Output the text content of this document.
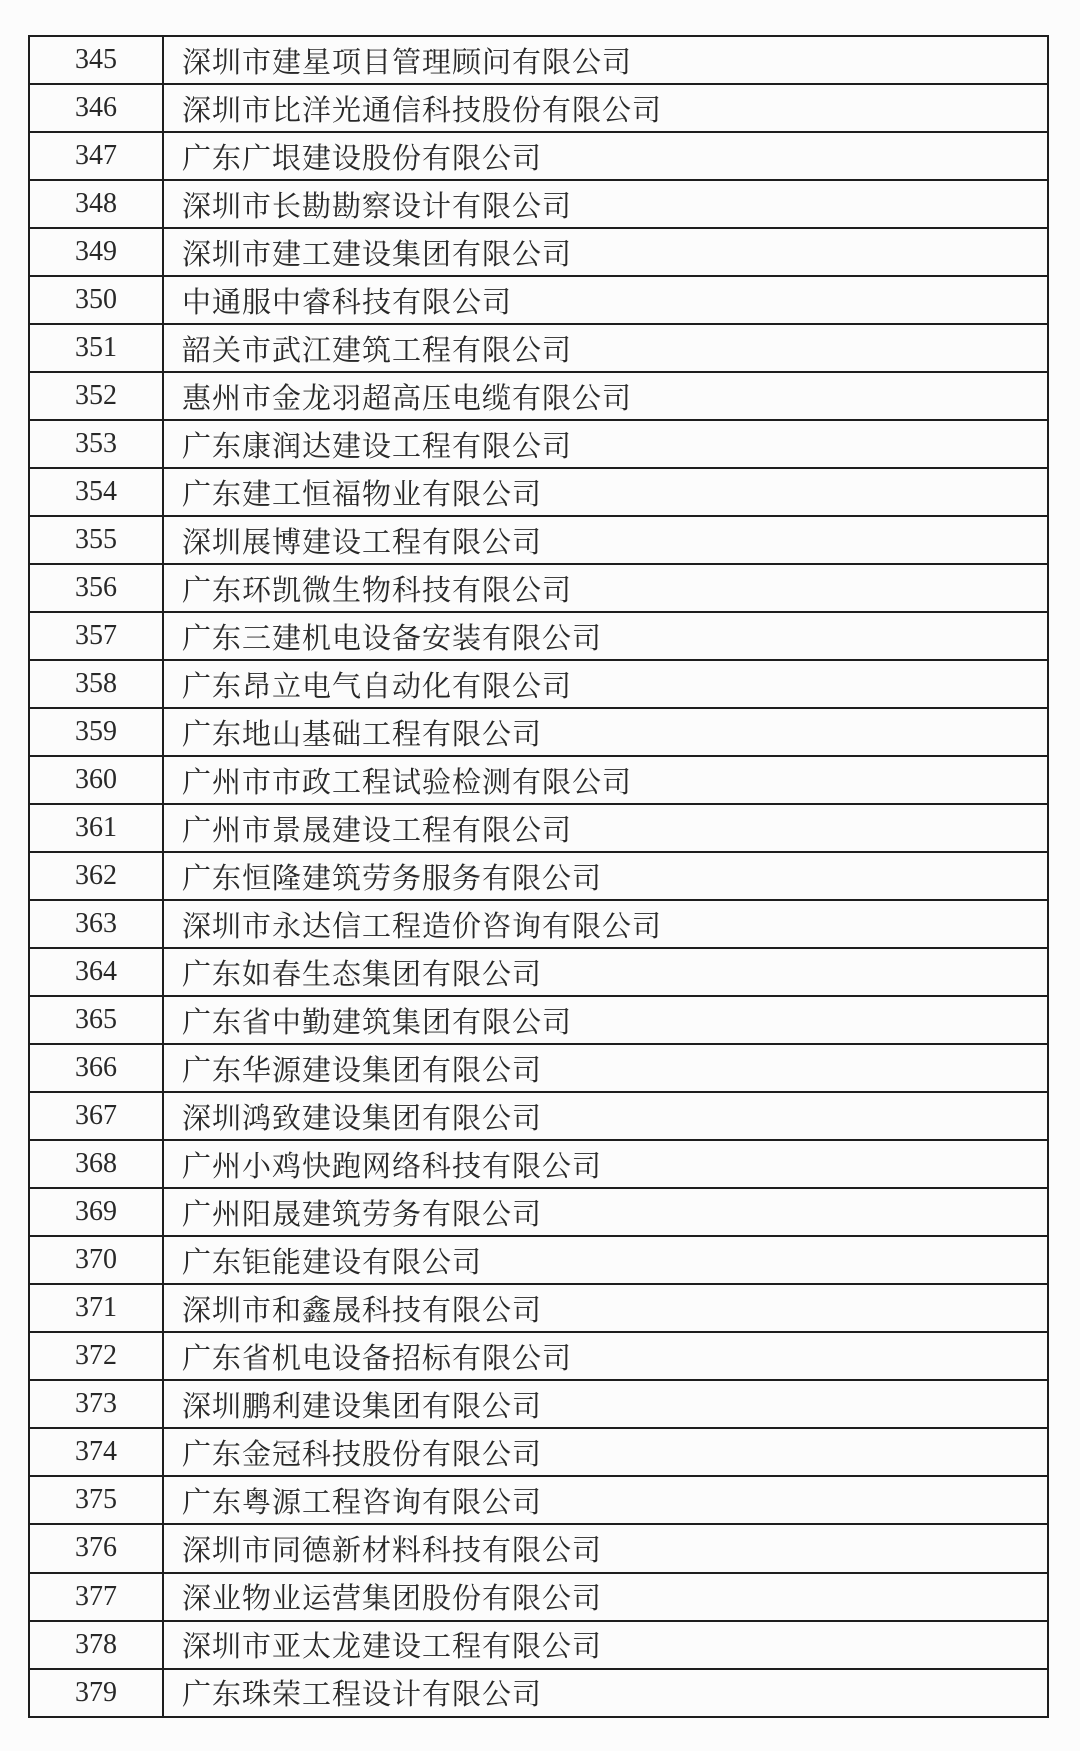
345	深圳市建星项目管理顾问有限公司
346	深圳市比洋光通信科技股份有限公司
347	广东广垠建设股份有限公司
348	深圳市长勘勘察设计有限公司
349	深圳市建工建设集团有限公司
350	中通服中睿科技有限公司
351	韶关市武江建筑工程有限公司
352	惠州市金龙羽超高压电缆有限公司
353	广东康润达建设工程有限公司
354	广东建工恒福物业有限公司
355	深圳展博建设工程有限公司
356	广东环凯微生物科技有限公司
357	广东三建机电设备安装有限公司
358	广东昂立电气自动化有限公司
359	广东地山基础工程有限公司
360	广州市市政工程试验检测有限公司
361	广州市景晟建设工程有限公司
362	广东恒隆建筑劳务服务有限公司
363	深圳市永达信工程造价咨询有限公司
364	广东如春生态集团有限公司
365	广东省中勤建筑集团有限公司
366	广东华源建设集团有限公司
367	深圳鸿致建设集团有限公司
368	广州小鸡快跑网络科技有限公司
369	广州阳晟建筑劳务有限公司
370	广东钜能建设有限公司
371	深圳市和鑫晟科技有限公司
372	广东省机电设备招标有限公司
373	深圳鹏利建设集团有限公司
374	广东金冠科技股份有限公司
375	广东粤源工程咨询有限公司
376	深圳市同德新材料科技有限公司
377	深业物业运营集团股份有限公司
378	深圳市亚太龙建设工程有限公司
379	广东珠荣工程设计有限公司
